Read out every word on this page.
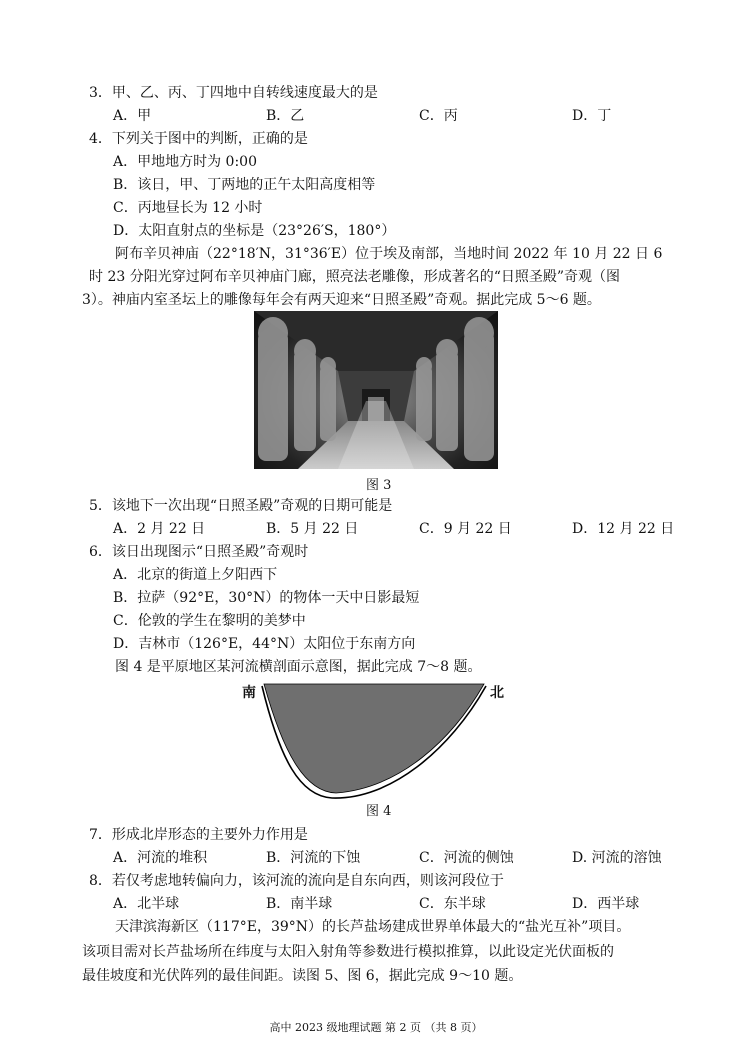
3．甲、乙、丙、丁四地中自转线速度最大的是
A．甲	B．乙	C．丙	D．丁
4．下列关于图中的判断，正确的是
A．甲地地方时为 0:00
B．该日，甲、丁两地的正午太阳高度相等
C．丙地昼长为 12 小时
D．太阳直射点的坐标是（23°26′S，180°）
阿布辛贝神庙（22°18′N，31°36′E）位于埃及南部，当地时间 2022 年 10 月 22 日 6
时 23 分阳光穿过阿布辛贝神庙门廊，照亮法老雕像，形成著名的“日照圣殿”奇观（图
3）。神庙内室圣坛上的雕像每年会有两天迎来“日照圣殿”奇观。据此完成 5～6 题。
图 3
5．该地下一次出现“日照圣殿”奇观的日期可能是
A．2 月 22 日	B．5 月 22 日	C．9 月 22 日	D．12 月 22 日
6．该日出现图示“日照圣殿”奇观时
A．北京的街道上夕阳西下
B．拉萨（92°E，30°N）的物体一天中日影最短
C．伦敦的学生在黎明的美梦中
D．吉林市（126°E，44°N）太阳位于东南方向
图 4 是平原地区某河流横剖面示意图，据此完成 7～8 题。
南	北
图 4
7．形成北岸形态的主要外力作用是
A．河流的堆积	B．河流的下蚀	C．河流的侧蚀	D. 河流的溶蚀
8．若仅考虑地转偏向力，该河流的流向是自东向西，则该河段位于
A．北半球	B．南半球	C．东半球	D．西半球
天津滨海新区（117°E，39°N）的长芦盐场建成世界单体最大的“盐光互补”项目。
该项目需对长芦盐场所在纬度与太阳入射角等参数进行模拟推算，以此设定光伏面板的
最佳坡度和光伏阵列的最佳间距。读图 5、图 6，据此完成 9～10 题。
高中 2023 级地理试题 第 2 页 （共 8 页）
